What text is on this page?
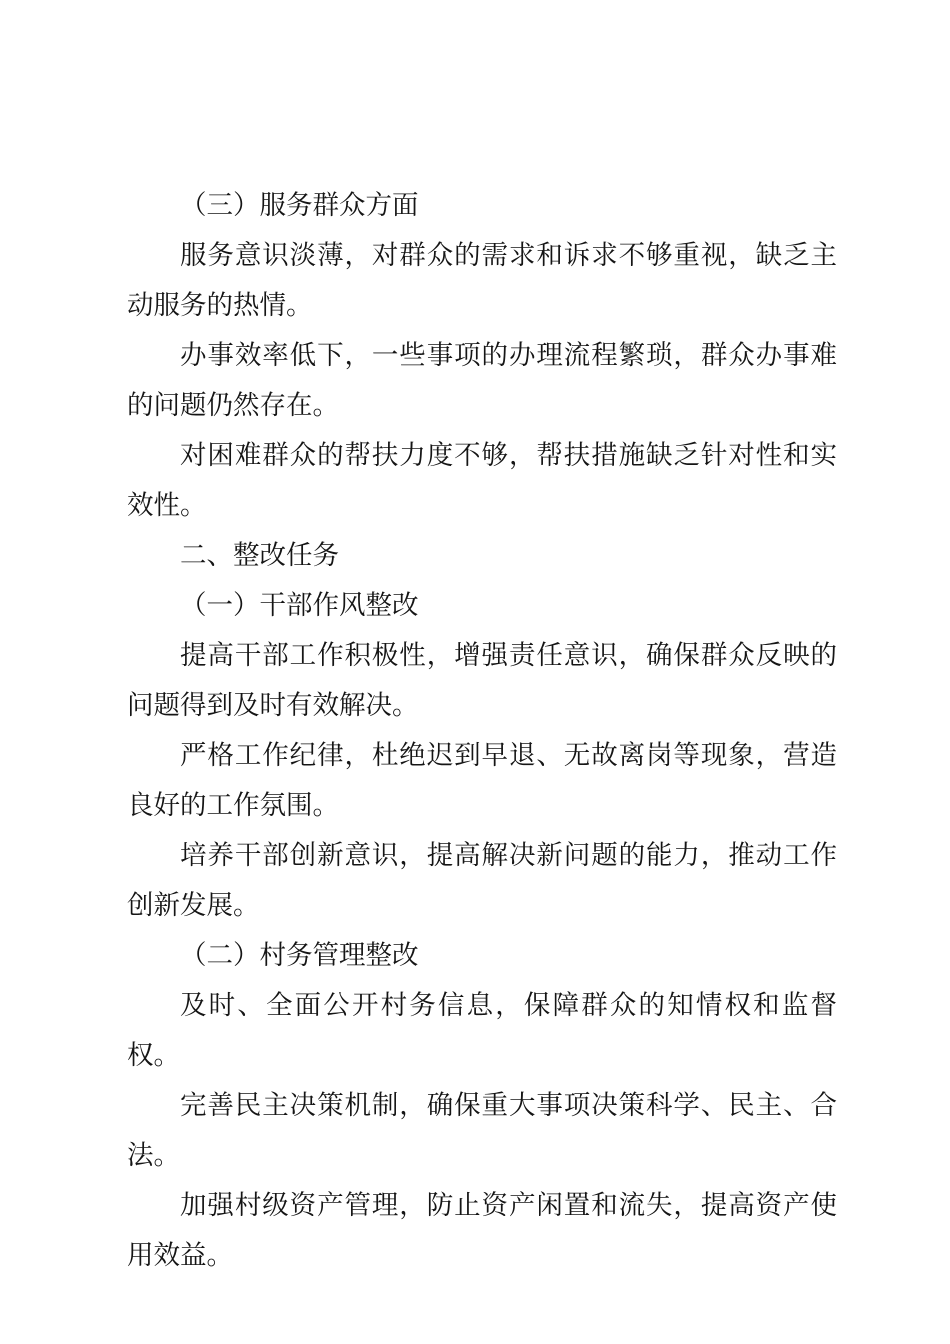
（三）服务群众方面

服务意识淡薄，对群众的需求和诉求不够重视，缺乏主动服务的热情。

办事效率低下，一些事项的办理流程繁琐，群众办事难的问题仍然存在。

对困难群众的帮扶力度不够，帮扶措施缺乏针对性和实效性。

二、整改任务

（一）干部作风整改

提高干部工作积极性，增强责任意识，确保群众反映的问题得到及时有效解决。

严格工作纪律，杜绝迟到早退、无故离岗等现象，营造良好的工作氛围。

培养干部创新意识，提高解决新问题的能力，推动工作创新发展。

（二）村务管理整改

及时、全面公开村务信息，保障群众的知情权和监督权。

完善民主决策机制，确保重大事项决策科学、民主、合法。

加强村级资产管理，防止资产闲置和流失，提高资产使用效益。
